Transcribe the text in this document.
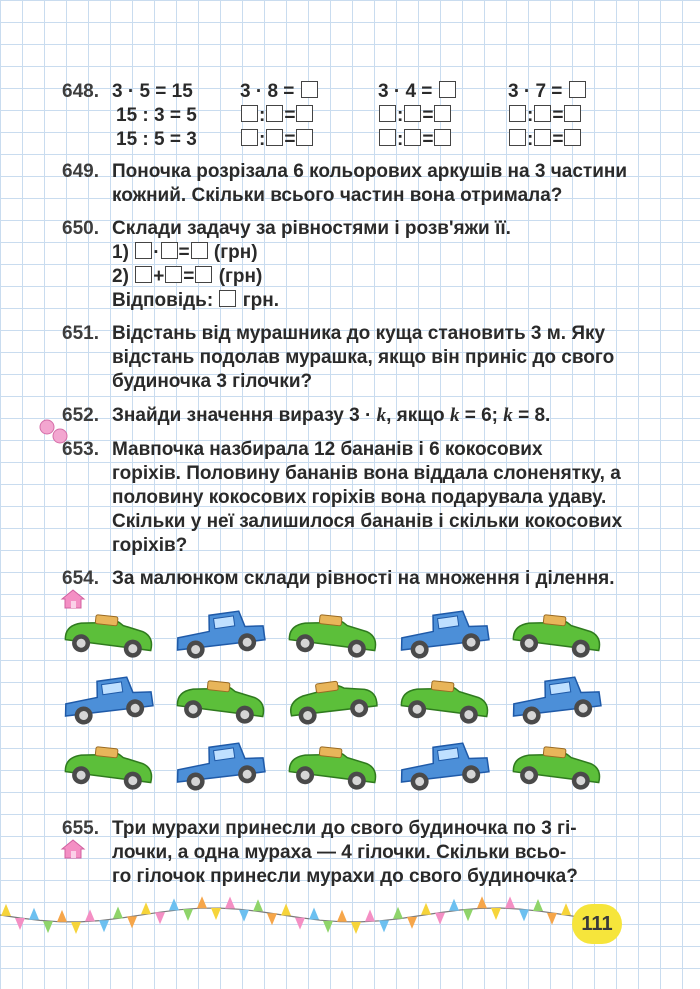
648. 3 · 5 = 15
15 : 3 = 5
15 : 5 = 3
3 · 8 =
: =
: =
3 · 4 =
: =
: =
3 · 7 =
: =
: =
649. Поночка розрізала 6 кольорових аркушів на 3 частини
кожний. Скільки всього частин вона отримала?
650. Склади задачу за рівностями і розв'яжи її.
1) · = (грн)
2) + = (грн)
Відповідь: грн.
651. Відстань від мурашника до куща становить 3 м. Яку
відстань подолав мурашка, якщо він приніс до свого
будиночка 3 гілочки?
652. Знайди значення виразу 3 · k, якщо k = 6; k = 8.
653. Мавпочка назбирала 12 бананів і 6 кокосових
горіхів. Половину бананів вона віддала слоненятку, а
половину кокосових горіхів вона подарувала удаву.
Скільки у неї залишилося бананів і скільки кокосових
горіхів?
654. За малюнком склади рівності на множення і ділення.
655. Три мурахи принесли до свого будиночка по 3 гі-
лочки, а одна мураха — 4 гілочки. Скільки всьо-
го гілочок принесли мурахи до свого будиночка?
111
